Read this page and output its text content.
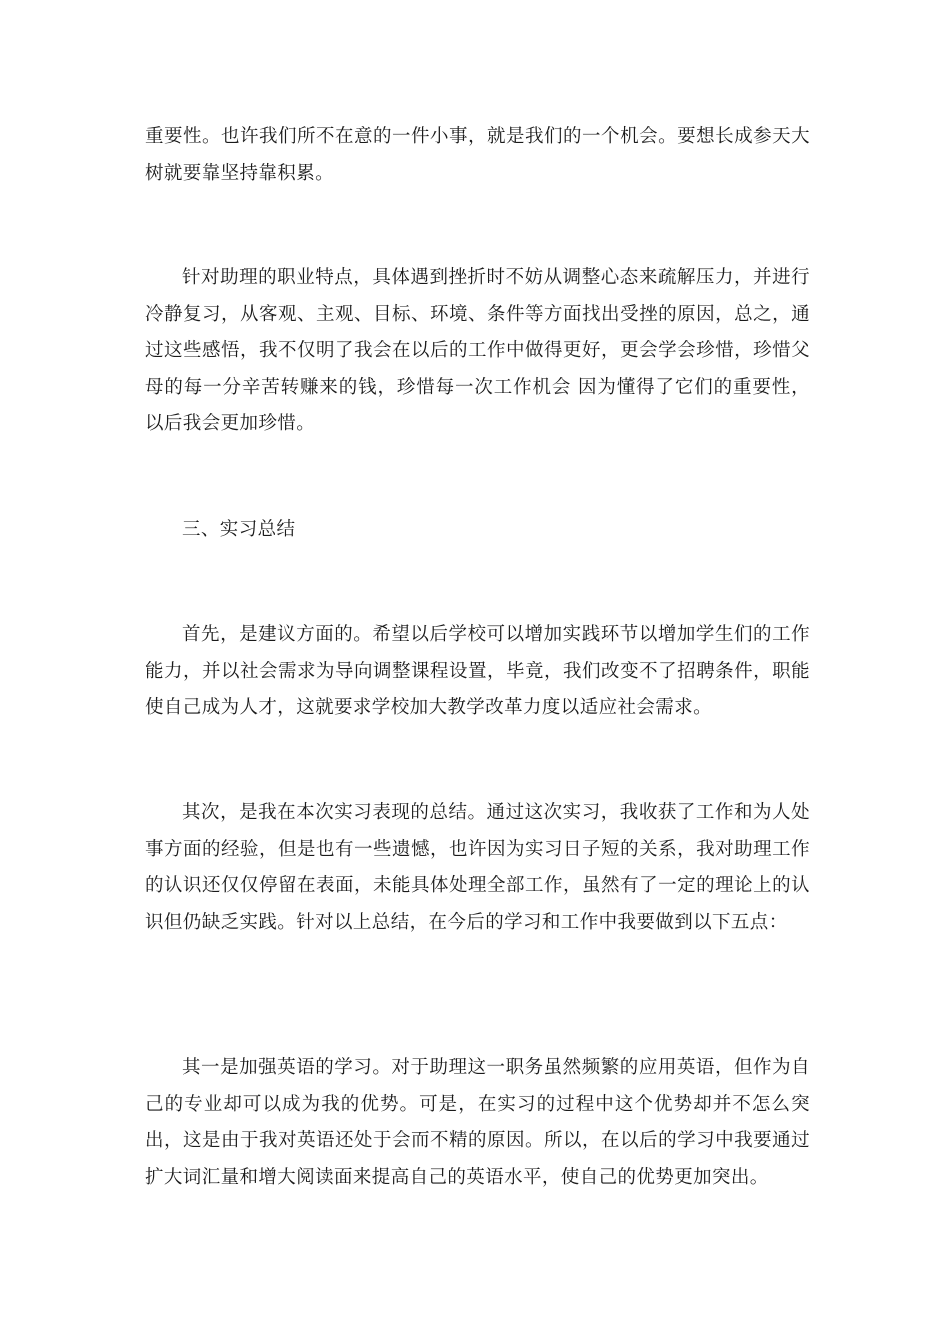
重要性。也许我们所不在意的一件小事，就是我们的一个机会。要想长成参天大树就要靠坚持靠积累。

针对助理的职业特点，具体遇到挫折时不妨从调整心态来疏解压力，并进行冷静复习，从客观、主观、目标、环境、条件等方面找出受挫的原因，总之，通过这些感悟，我不仅明了我会在以后的工作中做得更好，更会学会珍惜，珍惜父母的每一分辛苦转赚来的钱，珍惜每一次工作机会 因为懂得了它们的重要性，以后我会更加珍惜。

三、实习总结

首先，是建议方面的。希望以后学校可以增加实践环节以增加学生们的工作能力，并以社会需求为导向调整课程设置，毕竟，我们改变不了招聘条件，职能使自己成为人才，这就要求学校加大教学改革力度以适应社会需求。

其次，是我在本次实习表现的总结。通过这次实习，我收获了工作和为人处事方面的经验，但是也有一些遗憾，也许因为实习日子短的关系，我对助理工作的认识还仅仅停留在表面，未能具体处理全部工作，虽然有了一定的理论上的认识但仍缺乏实践。针对以上总结，在今后的学习和工作中我要做到以下五点：

其一是加强英语的学习。对于助理这一职务虽然频繁的应用英语，但作为自己的专业却可以成为我的优势。可是，在实习的过程中这个优势却并不怎么突出，这是由于我对英语还处于会而不精的原因。所以，在以后的学习中我要通过扩大词汇量和增大阅读面来提高自己的英语水平，使自己的优势更加突出。
